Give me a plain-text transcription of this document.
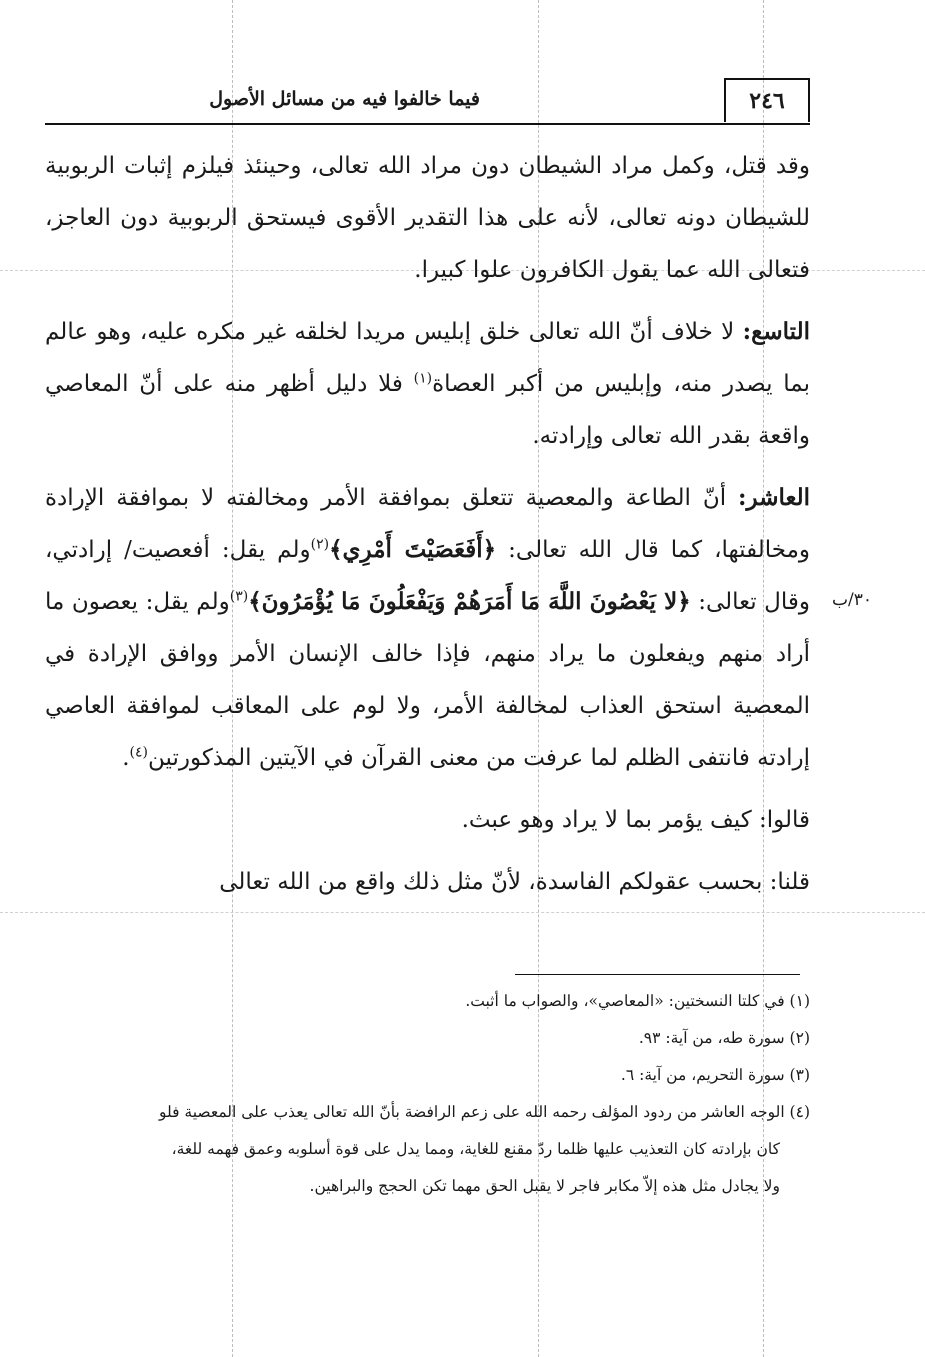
فيما خالفوا فيه من مسائل الأصول	٢٤٦
٣٠/ب

وقد قتل، وكمل مراد الشيطان دون مراد الله تعالى، وحينئذ فيلزم إثبات الربوبية للشيطان دونه تعالى، لأنه على هذا التقدير الأقوى فيستحق الربوبية دون العاجز، فتعالى الله عما يقول الكافرون علوا كبيرا.

التاسع: لا خلاف أنّ الله تعالى خلق إبليس مريدا لخلقه غير مكره عليه، وهو عالم بما يصدر منه، وإبليس من أكبر العصاة$^{(١)}$ فلا دليل أظهر منه على أنّ المعاصي واقعة بقدر الله تعالى وإرادته.

العاشر: أنّ الطاعة والمعصية تتعلق بموافقة الأمر ومخالفته لا بموافقة الإرادة ومخالفتها، كما قال الله تعالى: ﴿أَفَعَصَيْتَ أَمْرِي﴾$^{(٢)}$ولم يقل: أفعصيت/ إرادتي، وقال تعالى: ﴿لا يَعْصُونَ اللَّهَ مَا أَمَرَهُمْ وَيَفْعَلُونَ مَا يُؤْمَرُونَ﴾$^{(٣)}$ولم يقل: يعصون ما أراد منهم ويفعلون ما يراد منهم، فإذا خالف الإنسان الأمر ووافق الإرادة في المعصية استحق العذاب لمخالفة الأمر، ولا لوم على المعاقب لموافقة العاصي إرادته فانتفى الظلم لما عرفت من معنى القرآن في الآيتين المذكورتين$^{(٤)}$.

قالوا: كيف يؤمر بما لا يراد وهو عبث.

قلنا: بحسب عقولكم الفاسدة، لأنّ مثل ذلك واقع من الله تعالى

(١) في كلتا النسختين: «المعاصي»، والصواب ما أثبت.

(٢) سورة طه، من آية: ٩٣.

(٣) سورة التحريم، من آية: ٦.

(٤) الوجه العاشر من ردود المؤلف رحمه الله على زعم الرافضة بأنّ الله تعالى يعذب على المعصية فلو

كان بإرادته كان التعذيب عليها ظلما ردّ مقنع للغاية، ومما يدل على قوة أسلوبه وعمق فهمه للغة،

ولا يجادل مثل هذه إلاّ مكابر فاجر لا يقبل الحق مهما تكن الحجج والبراهين.
